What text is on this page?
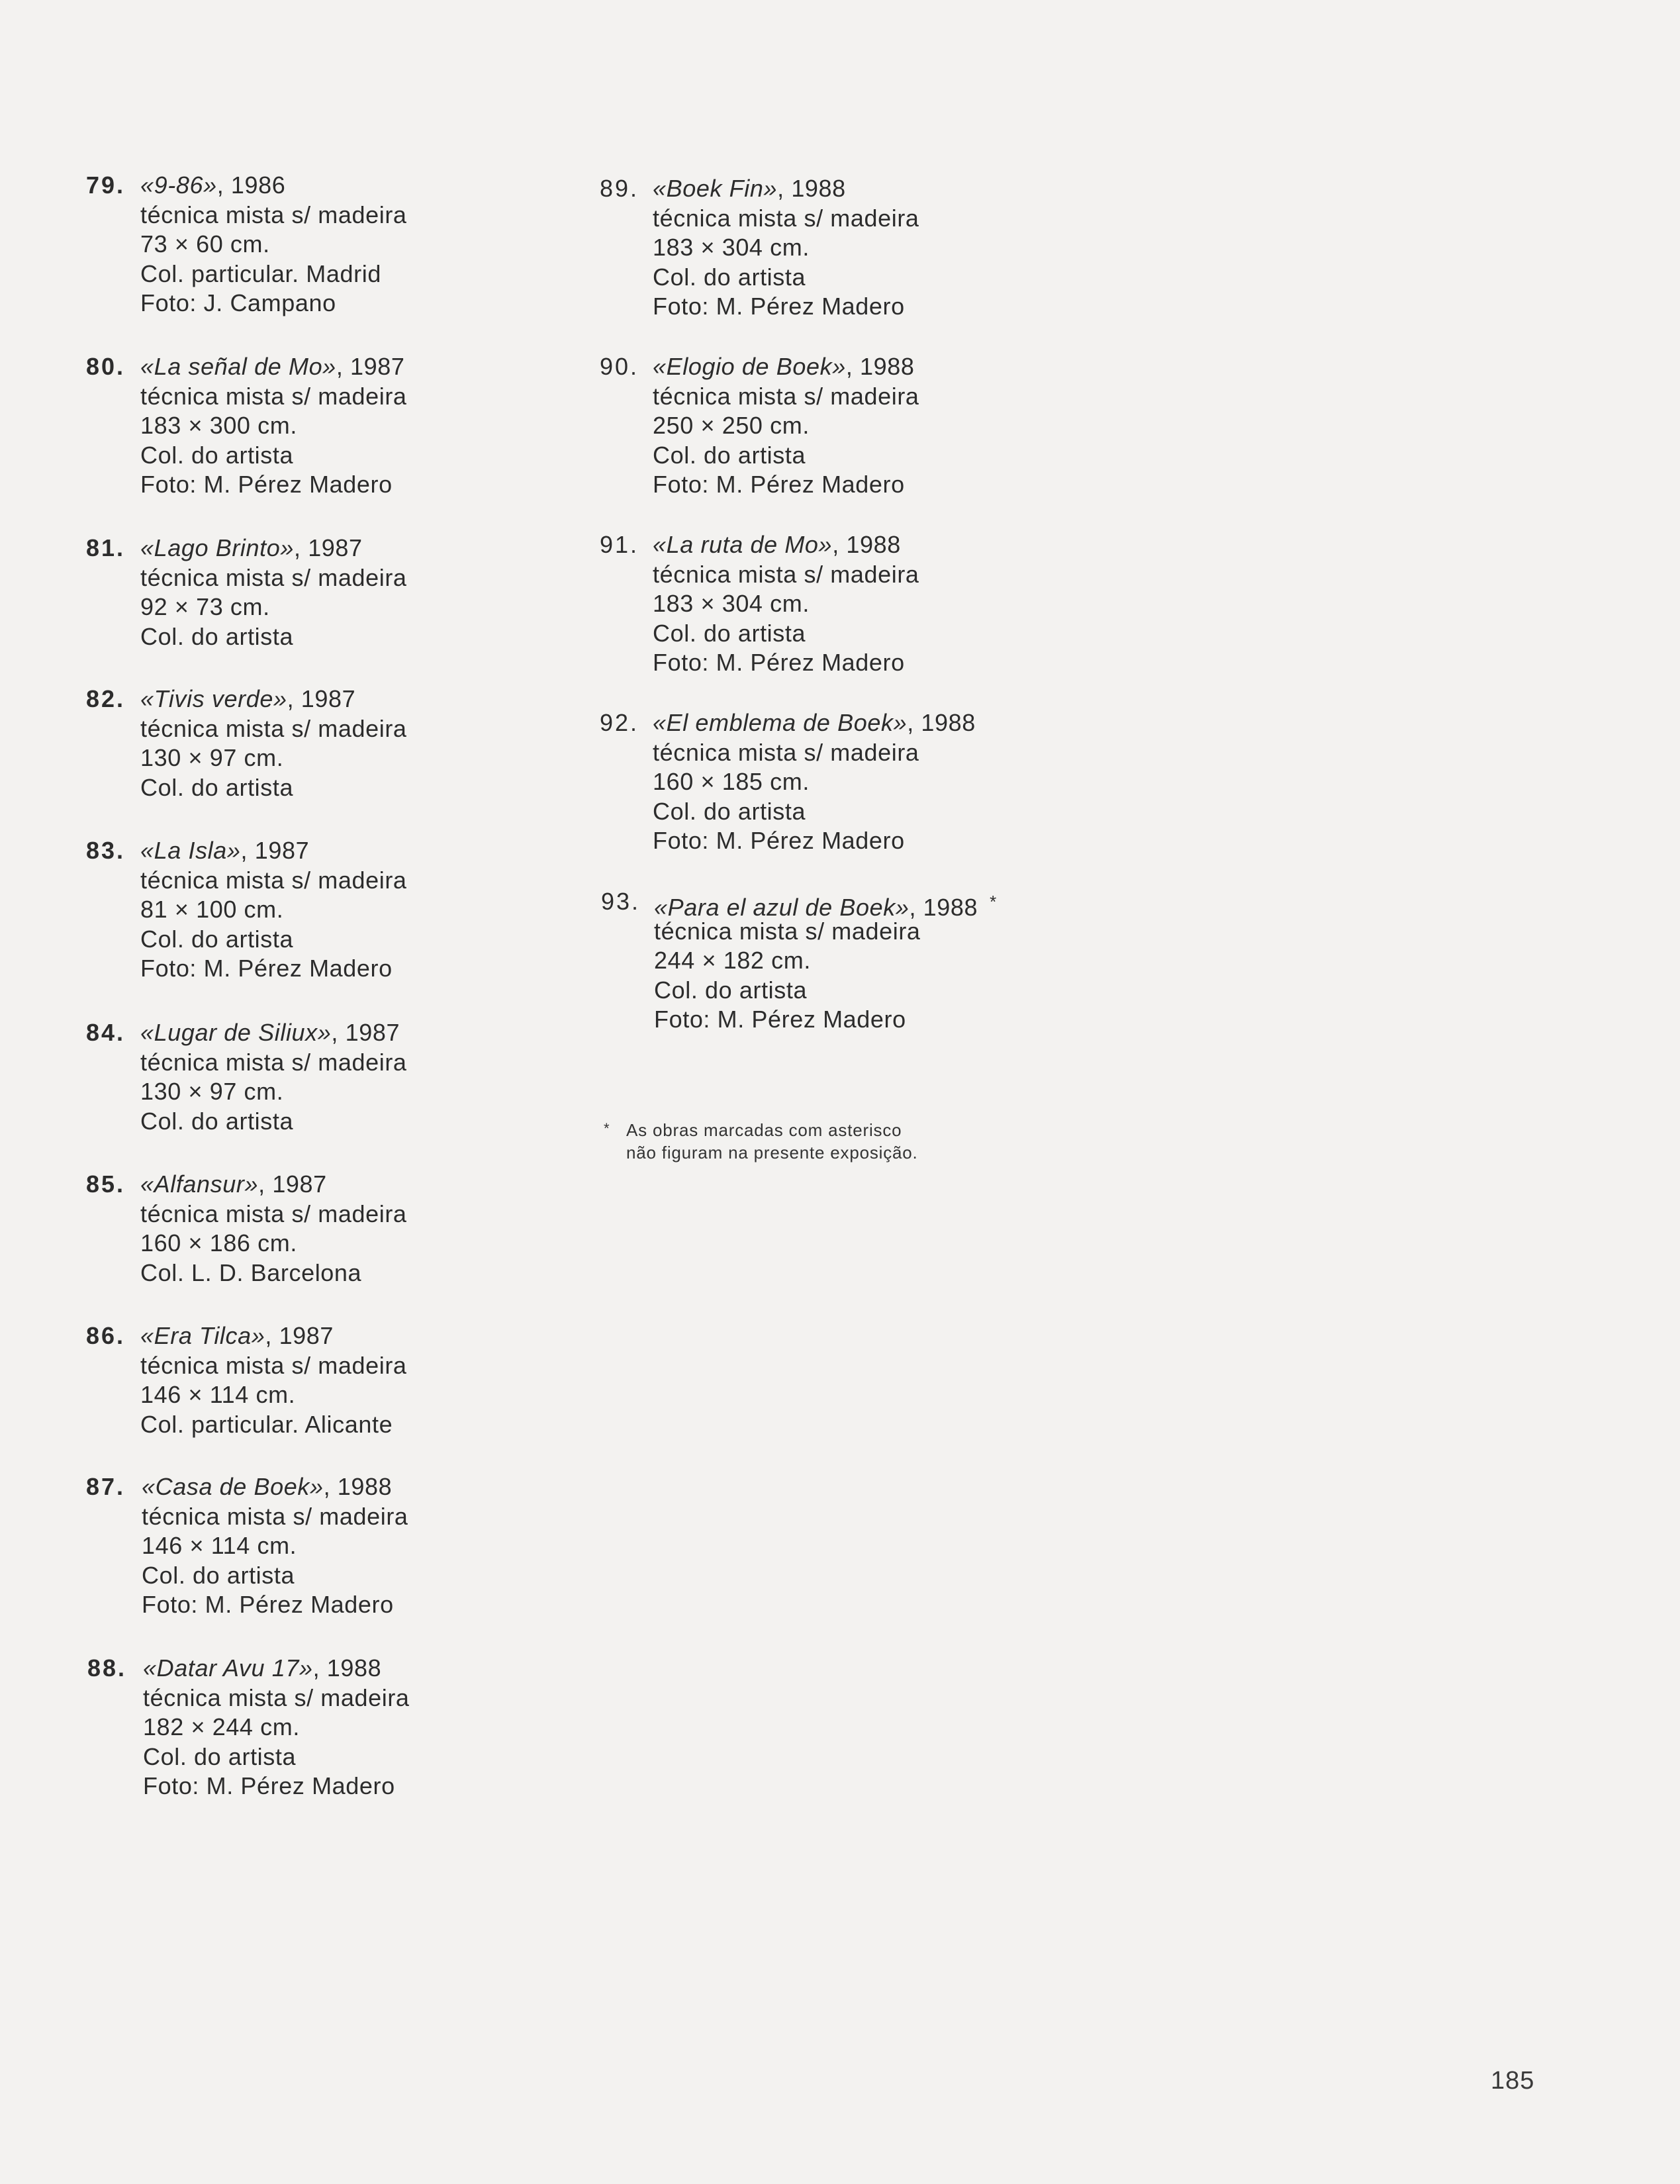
79. «9-86», 1986
técnica mista s/ madeira
73 × 60 cm.
Col. particular. Madrid
Foto: J. Campano
80. «La señal de Mo», 1987
técnica mista s/ madeira
183 × 300 cm.
Col. do artista
Foto: M. Pérez Madero
81. «Lago Brinto», 1987
técnica mista s/ madeira
92 × 73 cm.
Col. do artista
82. «Tivis verde», 1987
técnica mista s/ madeira
130 × 97 cm.
Col. do artista
83. «La Isla», 1987
técnica mista s/ madeira
81 × 100 cm.
Col. do artista
Foto: M. Pérez Madero
84. «Lugar de Siliux», 1987
técnica mista s/ madeira
130 × 97 cm.
Col. do artista
85. «Alfansur», 1987
técnica mista s/ madeira
160 × 186 cm.
Col. L. D. Barcelona
86. «Era Tilca», 1987
técnica mista s/ madeira
146 × 114 cm.
Col. particular. Alicante
87. «Casa de Boek», 1988
técnica mista s/ madeira
146 × 114 cm.
Col. do artista
Foto: M. Pérez Madero
88. «Datar Avu 17», 1988
técnica mista s/ madeira
182 × 244 cm.
Col. do artista
Foto: M. Pérez Madero
89. «Boek Fin», 1988
técnica mista s/ madeira
183 × 304 cm.
Col. do artista
Foto: M. Pérez Madero
90. «Elogio de Boek», 1988
técnica mista s/ madeira
250 × 250 cm.
Col. do artista
Foto: M. Pérez Madero
91. «La ruta de Mo», 1988
técnica mista s/ madeira
183 × 304 cm.
Col. do artista
Foto: M. Pérez Madero
92. «El emblema de Boek», 1988
técnica mista s/ madeira
160 × 185 cm.
Col. do artista
Foto: M. Pérez Madero
93. «Para el azul de Boek», 1988 *
técnica mista s/ madeira
244 × 182 cm.
Col. do artista
Foto: M. Pérez Madero
* As obras marcadas com asterisco
não figuram na presente exposição.
185
